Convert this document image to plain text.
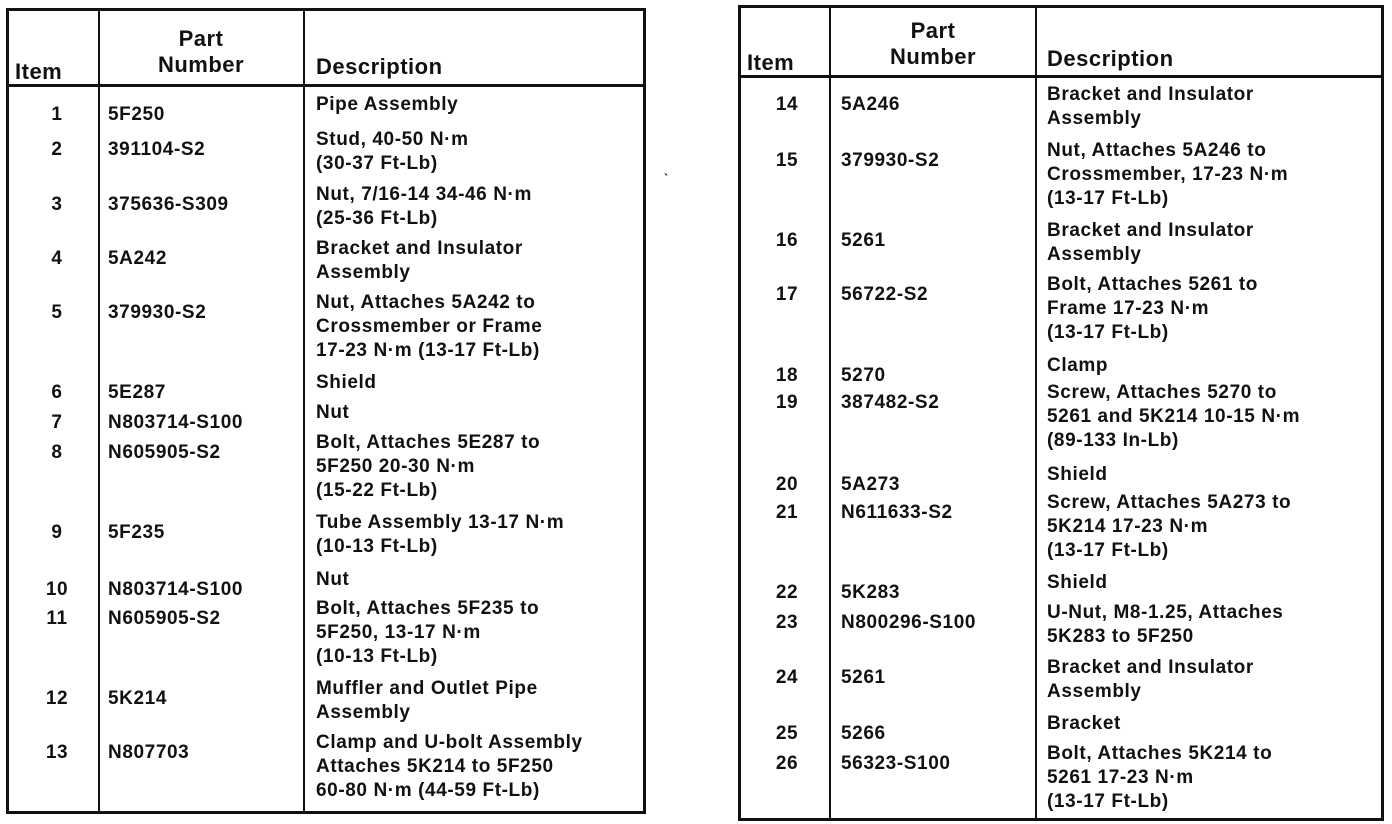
Item
Part
Number	Description
1	5F250	Pipe Assembly
2	391104-S2	Stud, 40-50 N·m
(30-37 Ft-Lb)
3	375636-S309	Nut, 7/16-14 34-46 N·m
(25-36 Ft-Lb)
4	5A242	Bracket and Insulator
Assembly
5	379930-S2	Nut, Attaches 5A242 to
Crossmember or Frame
17-23 N·m (13-17 Ft-Lb)
6	5E287	Shield
7	N803714-S100	Nut
8	N605905-S2	Bolt, Attaches 5E287 to
5F250 20-30 N·m
(15-22 Ft-Lb)
9	5F235	Tube Assembly 13-17 N·m
(10-13 Ft-Lb)
10	N803714-S100	Nut
11	N605905-S2	Bolt, Attaches 5F235 to
5F250, 13-17 N·m
(10-13 Ft-Lb)
12	5K214	Muffler and Outlet Pipe
Assembly
13	N807703	Clamp and U-bolt Assembly
Attaches 5K214 to 5F250
60-80 N·m (44-59 Ft-Lb)
Item
Part
Number	Description
14	5A246	Bracket and Insulator
Assembly
15	379930-S2	Nut, Attaches 5A246 to
Crossmember, 17-23 N·m
(13-17 Ft-Lb)
16	5261	Bracket and Insulator
Assembly
17	56722-S2	Bolt, Attaches 5261 to
Frame 17-23 N·m
(13-17 Ft-Lb)
18	5270	Clamp
19	387482-S2	Screw, Attaches 5270 to
5261 and 5K214 10-15 N·m
(89-133 In-Lb)
20	5A273	Shield
21	N611633-S2	Screw, Attaches 5A273 to
5K214 17-23 N·m
(13-17 Ft-Lb)
22	5K283	Shield
23	N800296-S100	U-Nut, M8-1.25, Attaches
5K283 to 5F250
24	5261	Bracket and Insulator
Assembly
25	5266	Bracket
26	56323-S100	Bolt, Attaches 5K214 to
5261 17-23 N·m
(13-17 Ft-Lb)
ˎ
